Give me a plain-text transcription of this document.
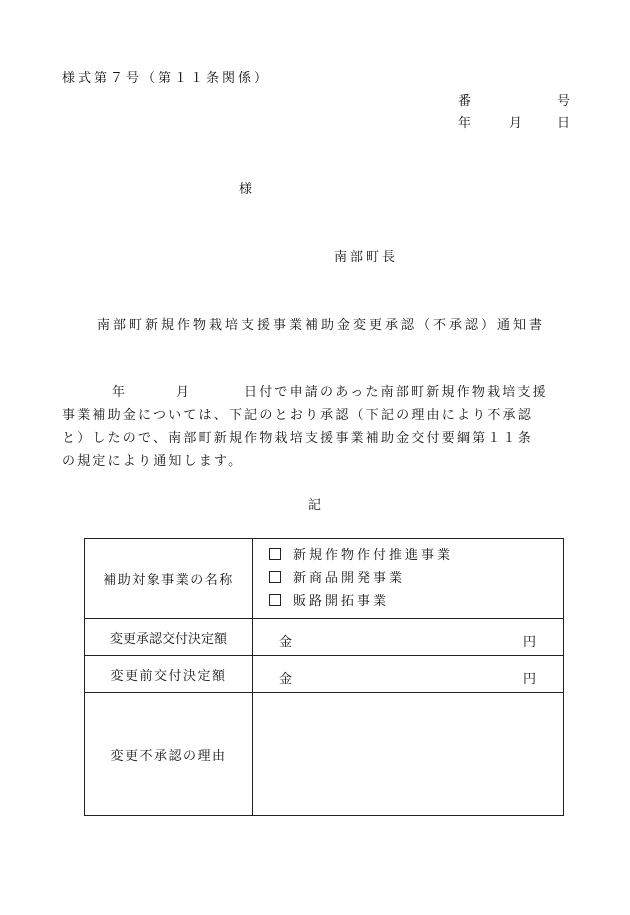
様式第７号（第１１条関係）
番	号
年	月	日
様
南部町長
南部町新規作物栽培支援事業補助金変更承認（不承認）通知書
年	月	日付で申請のあった南部町新規作物栽培支援
事業補助金については、下記のとおり承認（下記の理由により不承認
と）したので、南部町新規作物栽培支援事業補助金交付要綱第１１条
の規定により通知します。
記
補助対象事業の名称	新規作物作付推進事業
新商品開発事業
販路開拓事業

変更承認交付決定額	金 円

変更前交付決定額	金 円

変更不承認の理由	
